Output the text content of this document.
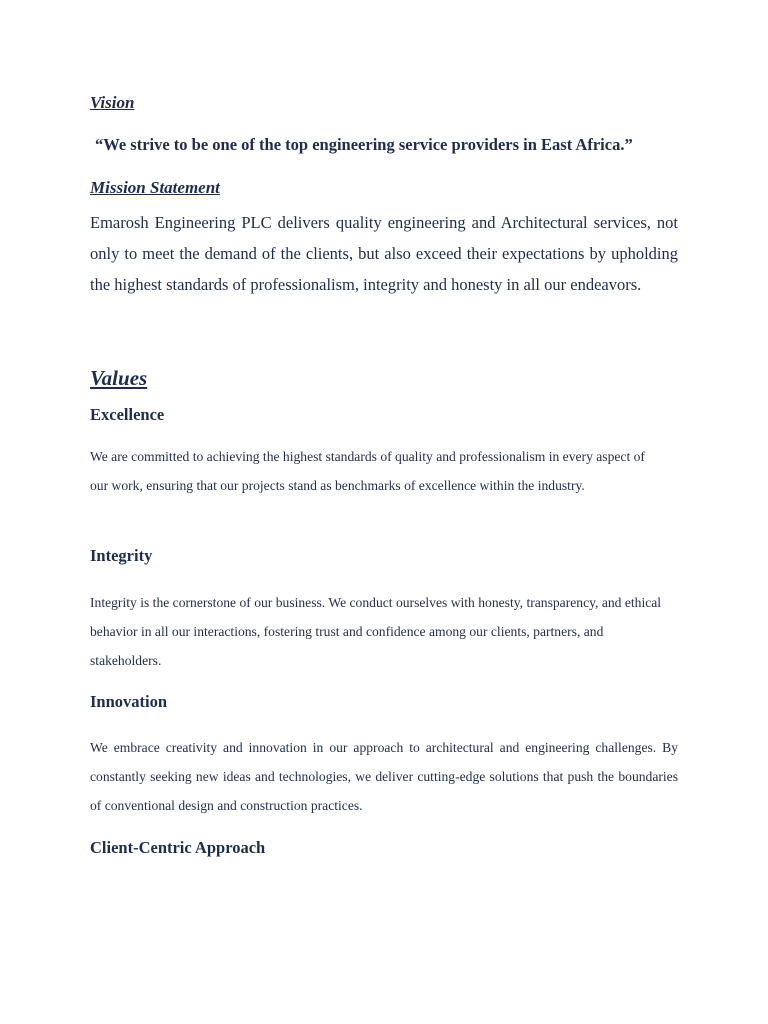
Vision

“We strive to be one of the top engineering service providers in East Africa.”

Mission Statement

Emarosh Engineering PLC delivers quality engineering and Architectural services, not only to meet the demand of the clients, but also exceed their expectations by upholding the highest standards of professionalism, integrity and honesty in all our endeavors.

Values
Excellence

We are committed to achieving the highest standards of quality and professionalism in every aspect of our work, ensuring that our projects stand as benchmarks of excellence within the industry.

Integrity

Integrity is the cornerstone of our business. We conduct ourselves with honesty, transparency, and ethical behavior in all our interactions, fostering trust and confidence among our clients, partners, and stakeholders.

Innovation

We embrace creativity and innovation in our approach to architectural and engineering challenges. By constantly seeking new ideas and technologies, we deliver cutting-edge solutions that push the boundaries of conventional design and construction practices.

Client-Centric Approach
